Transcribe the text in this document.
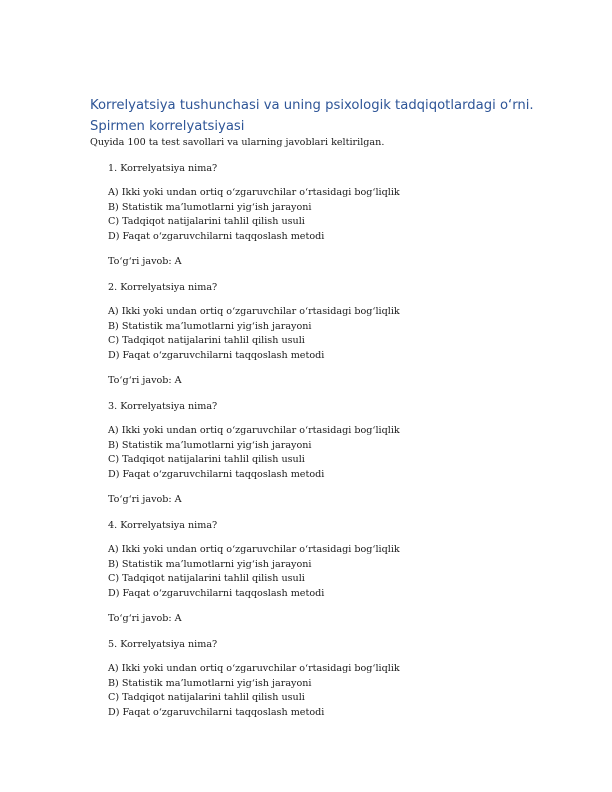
Korrelyatsiya tushunchasi va uning psixologik tadqiqotlardagi o‘rni. Spirmen korrelyatsiyasi

Quyida 100 ta test savollari va ularning javoblari keltirilgan.

1. Korrelyatsiya nima?

A) Ikki yoki undan ortiq o‘zgaruvchilar o‘rtasidagi bog‘liqlik

B) Statistik ma’lumotlarni yig‘ish jarayoni

C) Tadqiqot natijalarini tahlil qilish usuli

D) Faqat o‘zgaruvchilarni taqqoslash metodi

To‘g‘ri javob: A

2. Korrelyatsiya nima?

A) Ikki yoki undan ortiq o‘zgaruvchilar o‘rtasidagi bog‘liqlik

B) Statistik ma’lumotlarni yig‘ish jarayoni

C) Tadqiqot natijalarini tahlil qilish usuli

D) Faqat o‘zgaruvchilarni taqqoslash metodi

To‘g‘ri javob: A

3. Korrelyatsiya nima?

A) Ikki yoki undan ortiq o‘zgaruvchilar o‘rtasidagi bog‘liqlik

B) Statistik ma’lumotlarni yig‘ish jarayoni

C) Tadqiqot natijalarini tahlil qilish usuli

D) Faqat o‘zgaruvchilarni taqqoslash metodi

To‘g‘ri javob: A

4. Korrelyatsiya nima?

A) Ikki yoki undan ortiq o‘zgaruvchilar o‘rtasidagi bog‘liqlik

B) Statistik ma’lumotlarni yig‘ish jarayoni

C) Tadqiqot natijalarini tahlil qilish usuli

D) Faqat o‘zgaruvchilarni taqqoslash metodi

To‘g‘ri javob: A

5. Korrelyatsiya nima?

A) Ikki yoki undan ortiq o‘zgaruvchilar o‘rtasidagi bog‘liqlik

B) Statistik ma’lumotlarni yig‘ish jarayoni

C) Tadqiqot natijalarini tahlil qilish usuli

D) Faqat o‘zgaruvchilarni taqqoslash metodi
